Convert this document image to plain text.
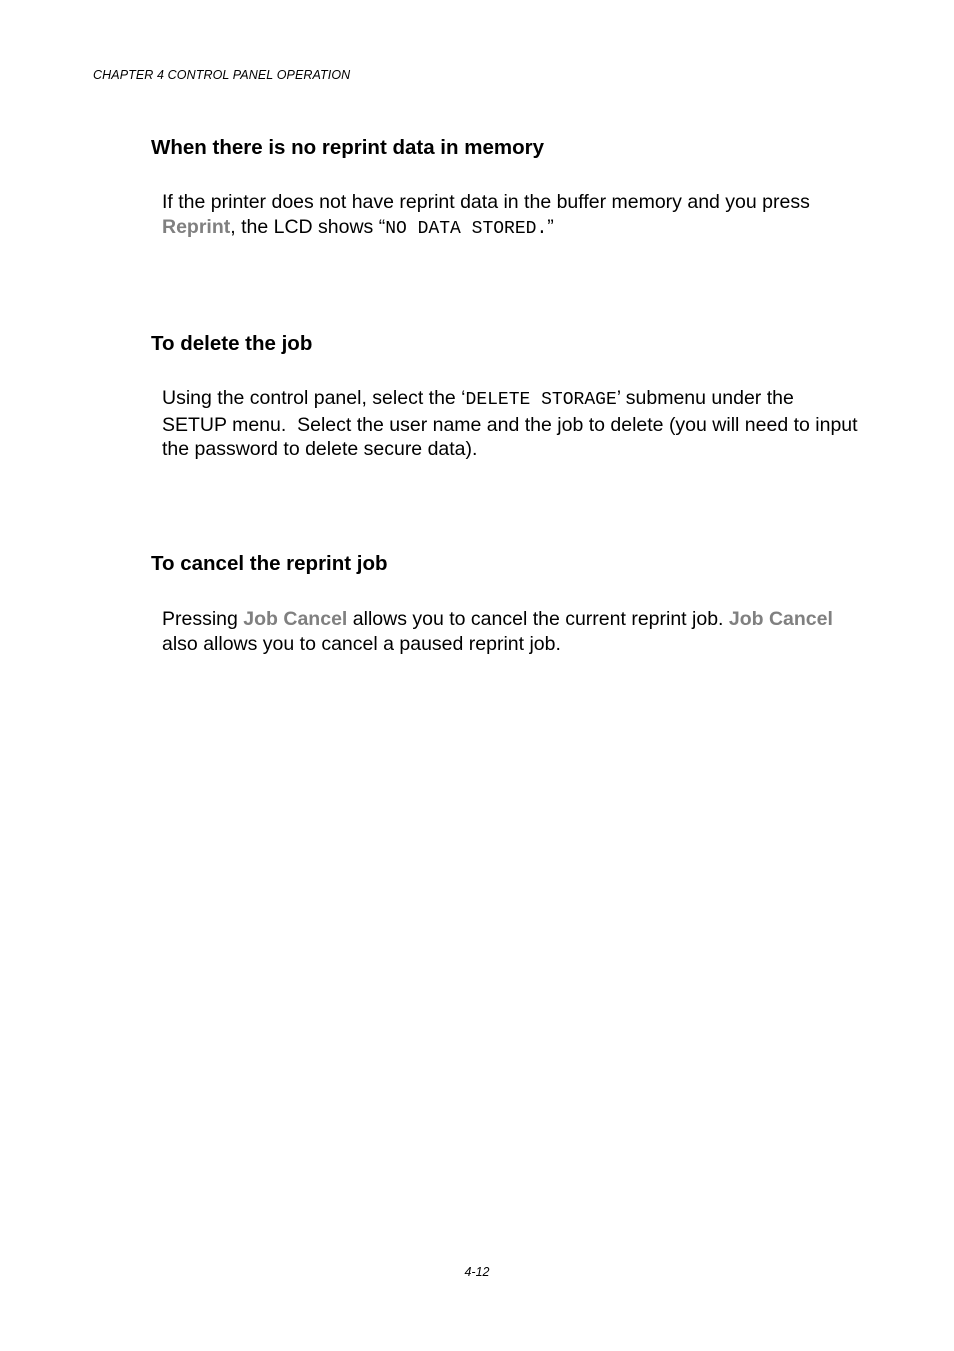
CHAPTER 4 CONTROL PANEL OPERATION
When there is no reprint data in memory

If the printer does not have reprint data in the buffer memory and you press Reprint, the LCD shows “NO DATA STORED.”

To delete the job

Using the control panel, select the ‘DELETE STORAGE’ submenu under the SETUP menu.  Select the user name and the job to delete (you will need to input the password to delete secure data).

To cancel the reprint job

Pressing Job Cancel allows you to cancel the current reprint job. Job Cancel also allows you to cancel a paused reprint job.

4-12
